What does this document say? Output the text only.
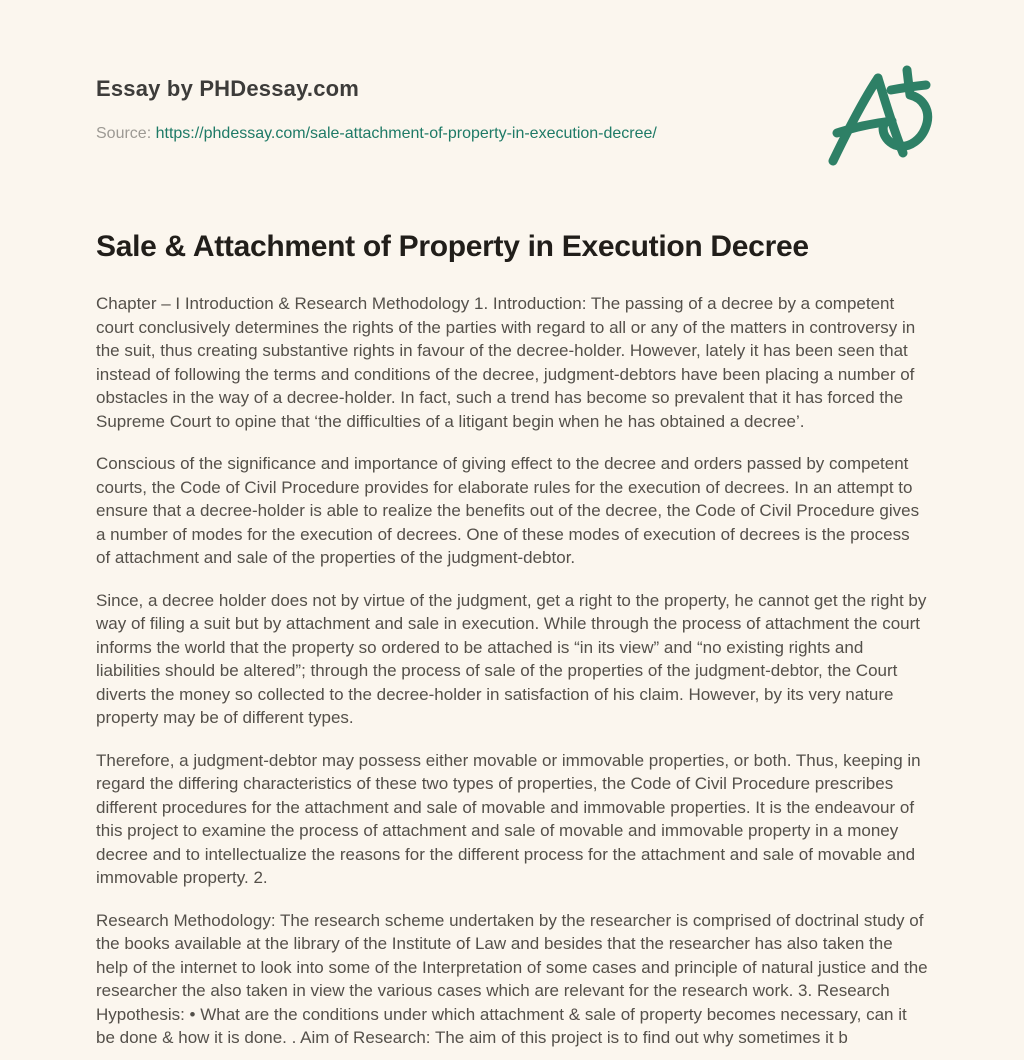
Essay by PHDessay.com
Source: https://phdessay.com/sale-attachment-of-property-in-execution-decree/
Sale & Attachment of Property in Execution Decree

Chapter – I Introduction & Research Methodology 1. Introduction: The passing of a decree by a competent court conclusively determines the rights of the parties with regard to all or any of the matters in controversy in the suit, thus creating substantive rights in favour of the decree-holder. However, lately it has been seen that instead of following the terms and conditions of the decree, judgment-debtors have been placing a number of obstacles in the way of a decree-holder. In fact, such a trend has become so prevalent that it has forced the Supreme Court to opine that ‘the difficulties of a litigant begin when he has obtained a decree’.

Conscious of the significance and importance of giving effect to the decree and orders passed by competent courts, the Code of Civil Procedure provides for elaborate rules for the execution of decrees. In an attempt to ensure that a decree-holder is able to realize the benefits out of the decree, the Code of Civil Procedure gives a number of modes for the execution of decrees. One of these modes of execution of decrees is the process of attachment and sale of the properties of the judgment-debtor.

Since, a decree holder does not by virtue of the judgment, get a right to the property, he cannot get the right by way of filing a suit but by attachment and sale in execution. While through the process of attachment the court informs the world that the property so ordered to be attached is “in its view” and “no existing rights and liabilities should be altered”; through the process of sale of the properties of the judgment-debtor, the Court diverts the money so collected to the decree-holder in satisfaction of his claim. However, by its very nature property may be of different types.

Therefore, a judgment-debtor may possess either movable or immovable properties, or both. Thus, keeping in regard the differing characteristics of these two types of properties, the Code of Civil Procedure prescribes different procedures for the attachment and sale of movable and immovable properties. It is the endeavour of this project to examine the process of attachment and sale of movable and immovable property in a money decree and to intellectualize the reasons for the different process for the attachment and sale of movable and immovable property. 2.

Research Methodology: The research scheme undertaken by the researcher is comprised of doctrinal study of the books available at the library of the Institute of Law and besides that the researcher has also taken the help of the internet to look into some of the Interpretation of some cases and principle of natural justice and the researcher the also taken in view the various cases which are relevant for the research work. 3. Research Hypothesis: • What are the conditions under which attachment & sale of property becomes necessary, can it be done & how it is done. . Aim of Research: The aim of this project is to find out why sometimes it b
